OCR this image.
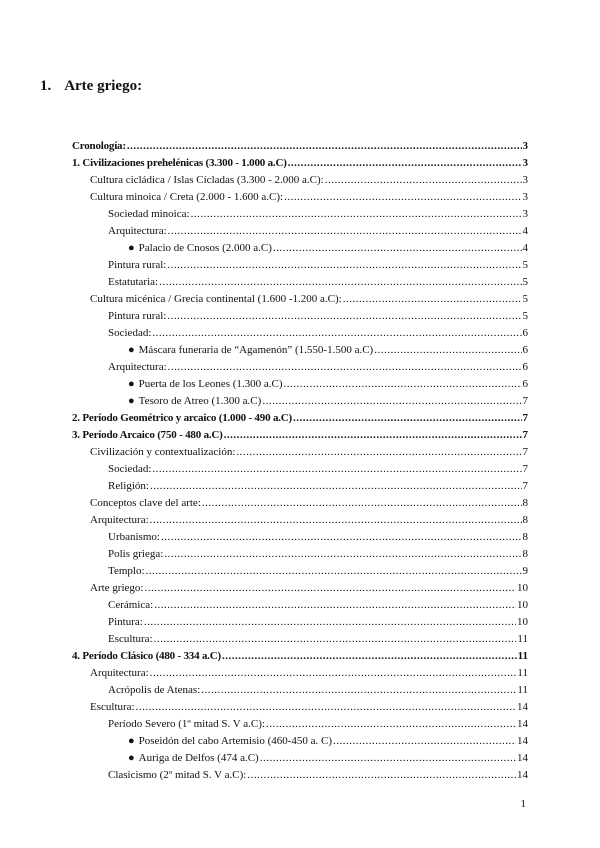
1. Arte griego:
Cronología: .....	3
1. Civilizaciones prehelénicas (3.300 - 1.000 a.C) .....	3
Cultura cicládica / Islas Cícladas (3.300 - 2.000 a.C): .....	3
Cultura minoica / Creta (2.000 - 1.600 a.C): .....	3
Sociedad minoica: .....	3
Arquitectura: .....	4
● Palacio de Cnosos (2.000 a.C) .....	4
Pintura rural: .....	5
Estatutaria: .....	5
Cultura micénica / Grecia continental (1.600 -1.200 a.C): .....	5
Pintura rural: .....	5
Sociedad: .....	6
● Máscara funeraria de “Agamenón” (1.550-1.500 a.C) .....	6
Arquitectura: .....	6
● Puerta de los Leones (1.300 a.C) .....	6
● Tesoro de Atreo (1.300 a.C) .....	7
2. Período Geométrico y arcaico (1.000 - 490 a.C) .....	7
3. Período Arcaico (750 - 480 a.C) .....	7
Civilización y contextualización: .....	7
Sociedad: .....	7
Religión: .....	7
Conceptos clave del arte: .....	8
Arquitectura: .....	8
Urbanismo: .....	8
Polis griega: .....	8
Templo: .....	9
Arte griego: .....	10
Cerámica: .....	10
Pintura: .....	10
Escultura: .....	11
4. Período Clásico (480 - 334 a.C) .....	11
Arquitectura: .....	11
Acrópolis de Atenas: .....	11
Escultura: .....	14
Período Severo (1º mitad S. V a.C): .....	14
● Poseidón del cabo Artemisio (460-450 a. C) .....	14
● Auriga de Delfos (474 a.C) .....	14
Clasicismo (2º mitad S. V a.C): .....	14
1
